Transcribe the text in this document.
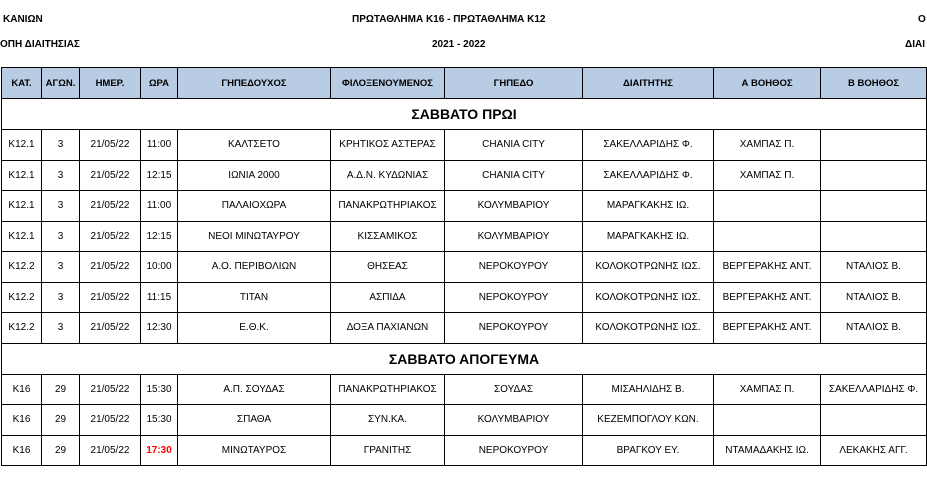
ΚΑΝΙΩΝ
ΟΠΗ ΔΙΑΙΤΗΣΙΑΣ
ΠΡΩΤΑΘΛΗΜΑ Κ16 - ΠΡΩΤΑΘΛΗΜΑ Κ12
2021 - 2022
Ο
ΔΙΑΙ
ΚΑΤ.	ΑΓΩΝ.	ΗΜΕΡ.	ΩΡΑ	ΓΗΠΕΔΟΥΧΟΣ	ΦΙΛΟΞΕΝΟΥΜΕΝΟΣ	ΓΗΠΕΔΟ	ΔΙΑΙΤΗΤΗΣ	Α ΒΟΗΘΟΣ	Β ΒΟΗΘΟΣ
ΣΑΒΒΑΤΟ ΠΡΩΙ									
Κ12.1	3	21/05/22	11:00	ΚΑΛΤΣΕΤΟ	ΚΡΗΤΙΚΟΣ ΑΣΤΕΡΑΣ	CHANIA CITY	ΣΑΚΕΛΛΑΡΙΔΗΣ Φ.	ΧΑΜΠΑΣ Π.	
Κ12.1	3	21/05/22	12:15	ΙΩΝΙΑ 2000	Α.Δ.Ν. ΚΥΔΩΝΙΑΣ	CHANIA CITY	ΣΑΚΕΛΛΑΡΙΔΗΣ Φ.	ΧΑΜΠΑΣ Π.	
Κ12.1	3	21/05/22	11:00	ΠΑΛΑΙΟΧΩΡΑ	ΠΑΝΑΚΡΩΤΗΡΙΑΚΟΣ	ΚΟΛΥΜΒΑΡΙΟΥ	ΜΑΡΑΓΚΑΚΗΣ ΙΩ.		
Κ12.1	3	21/05/22	12:15	ΝΕΟΙ ΜΙΝΩΤΑΥΡΟΥ	ΚΙΣΣΑΜΙΚΟΣ	ΚΟΛΥΜΒΑΡΙΟΥ	ΜΑΡΑΓΚΑΚΗΣ ΙΩ.		
Κ12.2	3	21/05/22	10:00	Α.Ο. ΠΕΡΙΒΟΛΙΩΝ	ΘΗΣΕΑΣ	ΝΕΡΟΚΟΥΡΟΥ	ΚΟΛΟΚΟΤΡΩΝΗΣ ΙΩΣ.	ΒΕΡΓΕΡΑΚΗΣ ΑΝΤ.	ΝΤΑΛΙΟΣ Β.
Κ12.2	3	21/05/22	11:15	ΤΙΤΑΝ	ΑΣΠΙΔΑ	ΝΕΡΟΚΟΥΡΟΥ	ΚΟΛΟΚΟΤΡΩΝΗΣ ΙΩΣ.	ΒΕΡΓΕΡΑΚΗΣ ΑΝΤ.	ΝΤΑΛΙΟΣ Β.
Κ12.2	3	21/05/22	12:30	Ε.Θ.Κ.	ΔΟΞΑ ΠΑΧΙΑΝΩΝ	ΝΕΡΟΚΟΥΡΟΥ	ΚΟΛΟΚΟΤΡΩΝΗΣ ΙΩΣ.	ΒΕΡΓΕΡΑΚΗΣ ΑΝΤ.	ΝΤΑΛΙΟΣ Β.
ΣΑΒΒΑΤΟ ΑΠΟΓΕΥΜΑ									
Κ16	29	21/05/22	15:30	Α.Π. ΣΟΥΔΑΣ	ΠΑΝΑΚΡΩΤΗΡΙΑΚΟΣ	ΣΟΥΔΑΣ	ΜΙΣΑΗΛΙΔΗΣ Β.	ΧΑΜΠΑΣ Π.	ΣΑΚΕΛΛΑΡΙΔΗΣ Φ.
Κ16	29	21/05/22	15:30	ΣΠΑΘΑ	ΣΥΝ.ΚΑ.	ΚΟΛΥΜΒΑΡΙΟΥ	ΚΕΖΕΜΠΟΓΛΟΥ ΚΩΝ.		
Κ16	29	21/05/22	17:30	ΜΙΝΩΤΑΥΡΟΣ	ΓΡΑΝΙΤΗΣ	ΝΕΡΟΚΟΥΡΟΥ	ΒΡΑΓΚΟΥ ΕΥ.	ΝΤΑΜΑΔΑΚΗΣ ΙΩ.	ΛΕΚΑΚΗΣ ΑΓΓ.
